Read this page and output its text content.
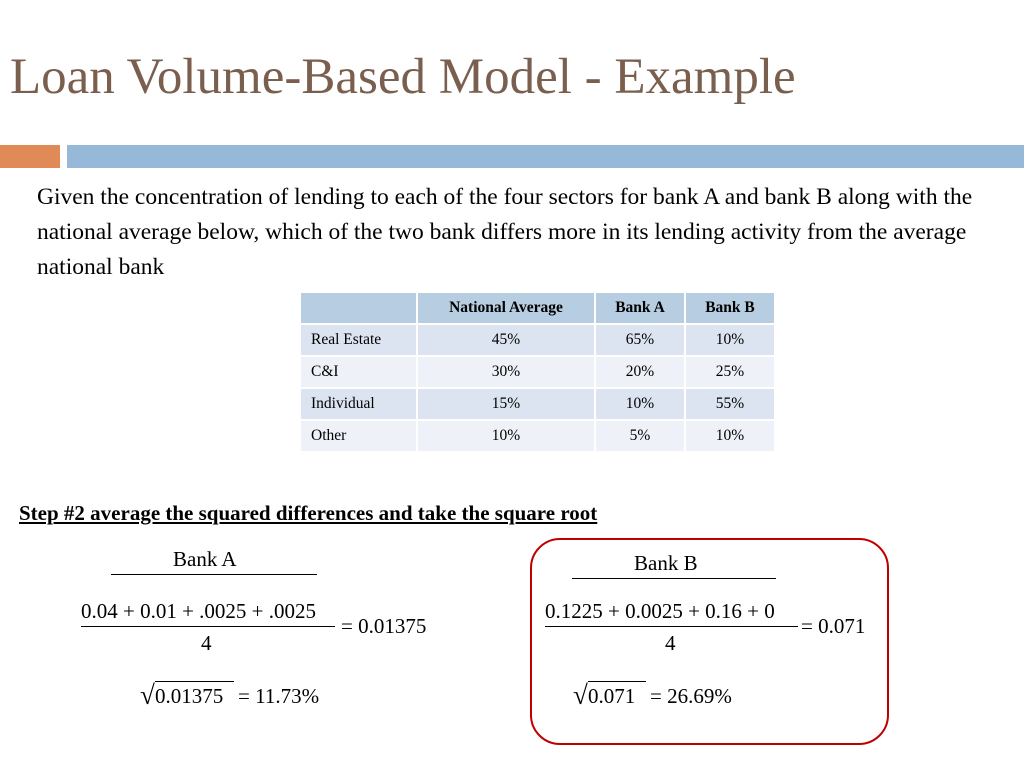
Loan Volume-Based Model - Example
Given the concentration of lending to each of the four sectors for bank A and bank B along with the national average below, which of the two bank differs more in its lending activity from the average national bank
	National Average	Bank A	Bank B
Real Estate	45%	65%	10%
C&I	30%	20%	25%
Individual	15%	10%	55%
Other	10%	5%	10%
Step #2 average the squared differences and take the square root
Bank A
0.04 + 0.01 + .0025 + .0025
4
= 0.01375
√ 0.01375 = 11.73%
Bank B
0.1225 + 0.0025 + 0.16 + 0
4
= 0.071
√ 0.071 = 26.69%
